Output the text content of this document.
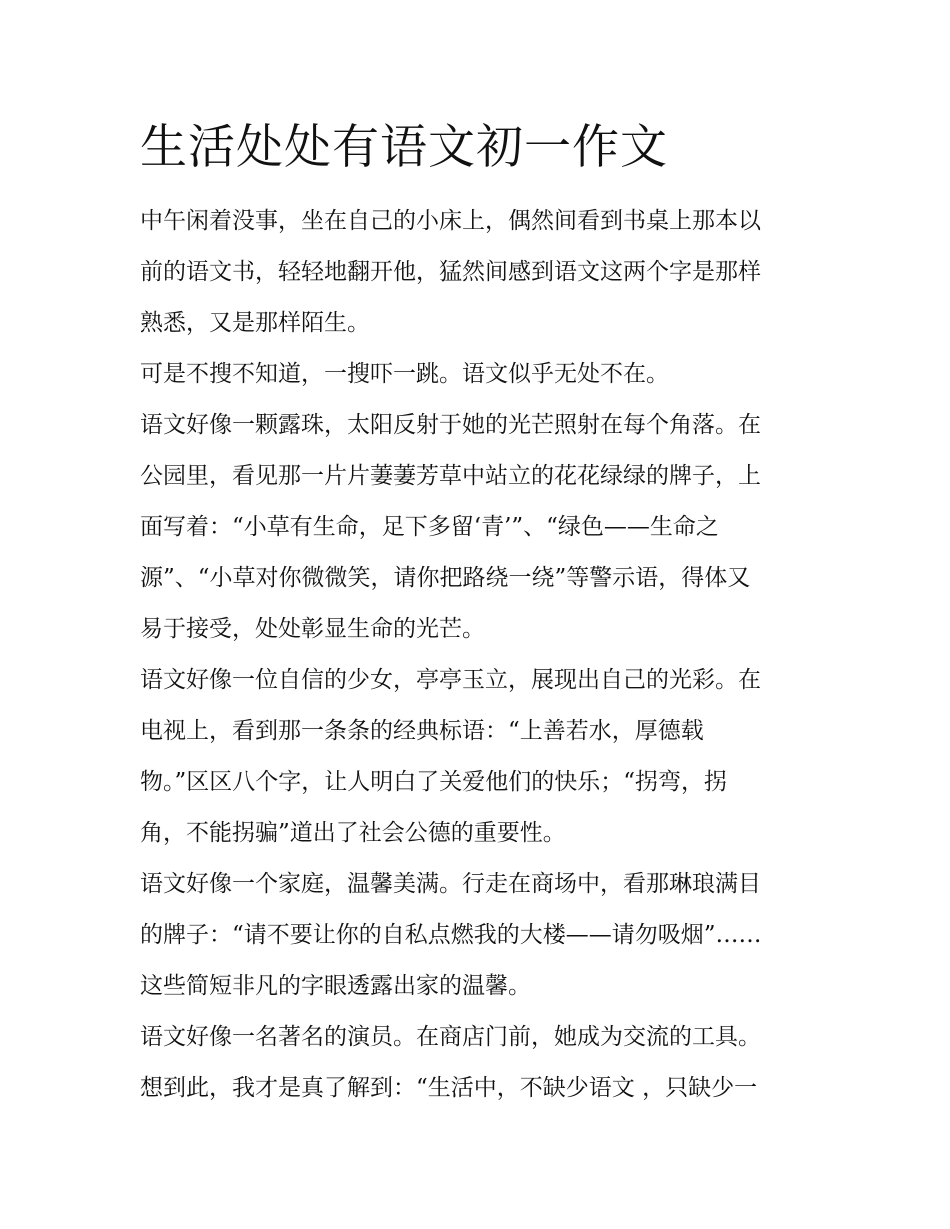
生活处处有语文初一作文
中午闲着没事，坐在自己的小床上，偶然间看到书桌上那本以
前的语文书，轻轻地翻开他，猛然间感到语文这两个字是那样
熟悉，又是那样陌生。
可是不搜不知道，一搜吓一跳。语文似乎无处不在。
语文好像一颗露珠，太阳反射于她的光芒照射在每个角落。在
公园里，看见那一片片萋萋芳草中站立的花花绿绿的牌子，上
面写着：“小草有生命，足下多留‘青’”、“绿色——生命之
源”、“小草对你微微笑，请你把路绕一绕”等警示语，得体又
易于接受，处处彰显生命的光芒。
语文好像一位自信的少女，亭亭玉立，展现出自己的光彩。在
电视上，看到那一条条的经典标语：“上善若水，厚德载
物。”区区八个字，让人明白了关爱他们的快乐；“拐弯，拐
角，不能拐骗”道出了社会公德的重要性。
语文好像一个家庭，温馨美满。行走在商场中，看那琳琅满目
的牌子：“请不要让你的自私点燃我的大楼——请勿吸烟”……
这些简短非凡的字眼透露出家的温馨。
语文好像一名著名的演员。在商店门前，她成为交流的工具。
想到此，我才是真了解到：“生活中，不缺少语文 ，只缺少一
